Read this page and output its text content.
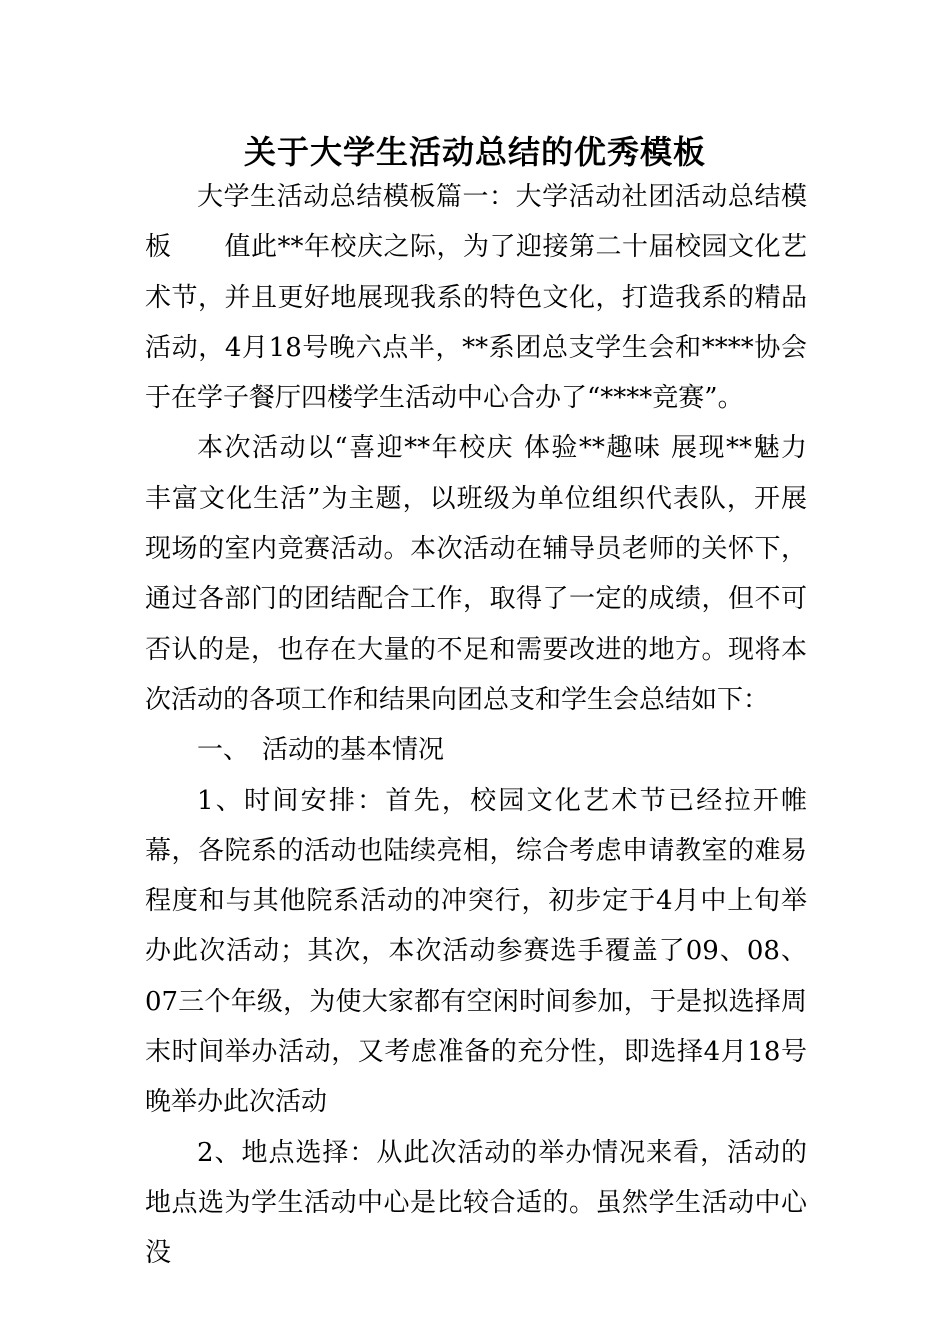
关于大学生活动总结的优秀模板

大学生活动总结模板篇一：大学活动社团活动总结模板　　值此**年校庆之际，为了迎接第二十届校园文化艺术节，并且更好地展现我系的特色文化，打造我系的精品活动，4月18号晚六点半，**系团总支学生会和****协会于在学子餐厅四楼学生活动中心合办了“****竞赛”。

本次活动以“喜迎**年校庆 体验**趣味 展现**魅力 丰富文化生活”为主题，以班级为单位组织代表队，开展现场的室内竞赛活动。本次活动在辅导员老师的关怀下，通过各部门的团结配合工作，取得了一定的成绩，但不可否认的是，也存在大量的不足和需要改进的地方。现将本次活动的各项工作和结果向团总支和学生会总结如下：

一、　活动的基本情况

1、时间安排：首先，校园文化艺术节已经拉开帷幕，各院系的活动也陆续亮相，综合考虑申请教室的难易程度和与其他院系活动的冲突行，初步定于4月中上旬举办此次活动；其次，本次活动参赛选手覆盖了09、08、07三个年级，为使大家都有空闲时间参加，于是拟选择周末时间举办活动，又考虑准备的充分性，即选择4月18号晚举办此次活动

2、地点选择：从此次活动的举办情况来看，活动的地点选为学生活动中心是比较合适的。虽然学生活动中心没
